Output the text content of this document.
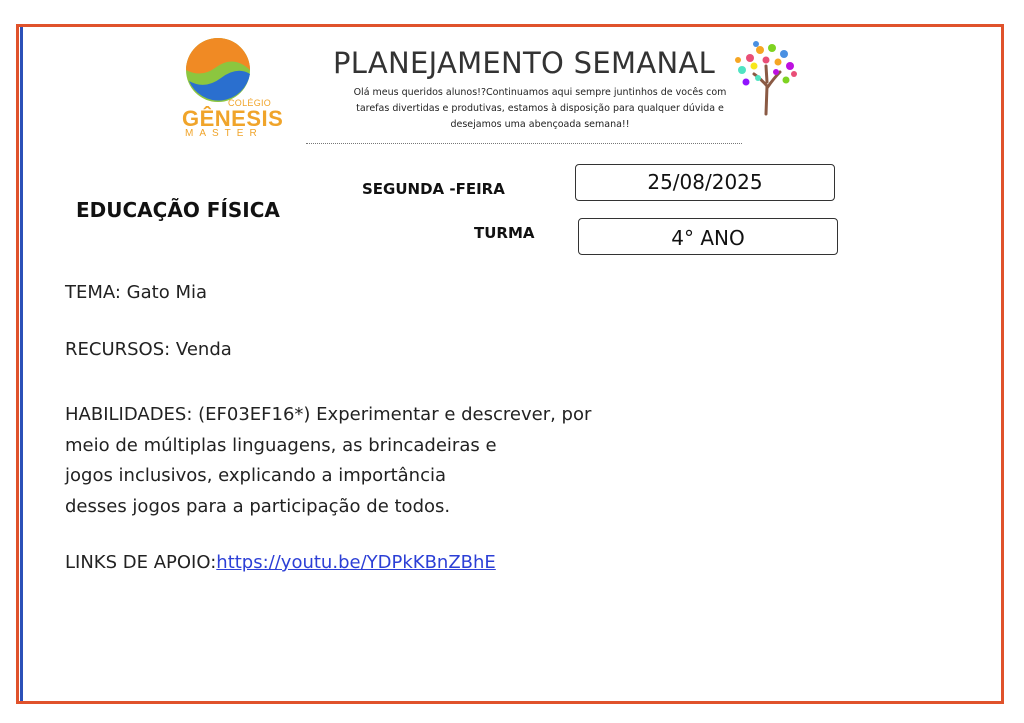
COLÉGIO
GÊNESIS
MASTER
PLANEJAMENTO SEMANAL
Olá meus queridos alunos!?Continuamos aqui sempre juntinhos de vocês com
tarefas divertidas e produtivas, estamos à disposição para qualquer dúvida e
desejamos uma abençoada semana!!
EDUCAÇÃO FÍSICA
SEGUNDA -FEIRA	25/08/2025
TURMA	4° ANO
TEMA: Gato Mia
RECURSOS: Venda
HABILIDADES: (EF03EF16*) Experimentar e descrever, por
meio de múltiplas linguagens, as brincadeiras e
jogos inclusivos, explicando a importância
desses jogos para a participação de todos.
LINKS DE APOIO:https://youtu.be/YDPkKBnZBhE
